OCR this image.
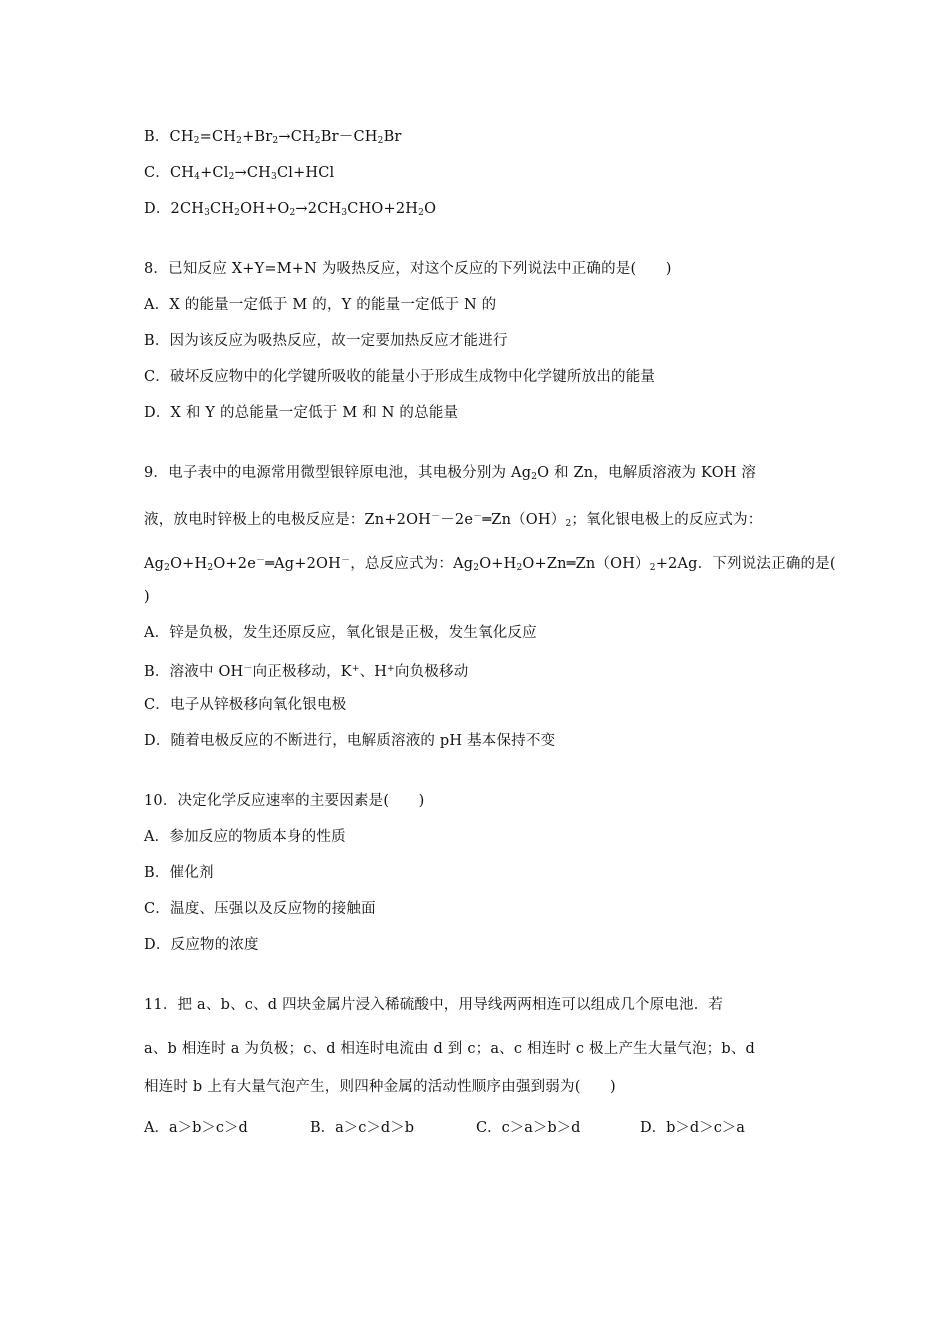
B．$CH_2=CH_2+Br_2\to CH_2Br-CH_2Br$
C．$CH_4+Cl_2\to CH_3Cl+HCl$
D．$2CH_3CH_2OH+O_2\to 2CH_3CHO+2H_2O$
8．已知反应 X+Y=M+N 为吸热反应，对这个反应的下列说法中正确的是(　　)
A．X 的能量一定低于 M 的，Y 的能量一定低于 N 的
B．因为该反应为吸热反应，故一定要加热反应才能进行
C．破坏反应物中的化学键所吸收的能量小于形成生成物中化学键所放出的能量
D．X 和 Y 的总能量一定低于 M 和 N 的总能量
9．电子表中的电源常用微型银锌原电池，其电极分别为 $Ag_2O$ 和 Zn，电解质溶液为 KOH 溶
液，放电时锌极上的电极反应是：$Zn+2OH^--2e^-═Zn(OH)_2$；氧化银电极上的反应式为：
$Ag_2O+H_2O+2e^-═Ag+2OH^-$，总反应式为：$Ag_2O+H_2O+Zn═Zn(OH)_2+2Ag$．下列说法正确的是(
)
A．锌是负极，发生还原反应，氧化银是正极，发生氧化反应
B．溶液中 OH－向正极移动，K+、H+向负极移动
C．电子从锌极移向氧化银电极
D．随着电极反应的不断进行，电解质溶液的 pH 基本保持不变
10．决定化学反应速率的主要因素是(　　)
A．参加反应的物质本身的性质
B．催化剂
C．温度、压强以及反应物的接触面
D．反应物的浓度
11．把 a、b、c、d 四块金属片浸入稀硫酸中，用导线两两相连可以组成几个原电池．若
a、b 相连时 a 为负极；c、d 相连时电流由 d 到 c；a、c 相连时 c 极上产生大量气泡；b、d
相连时 b 上有大量气泡产生，则四种金属的活动性顺序由强到弱为(　　)
A．a＞b＞c＞d	B．a＞c＞d＞b	C．c＞a＞b＞d	D．b＞d＞c＞a
